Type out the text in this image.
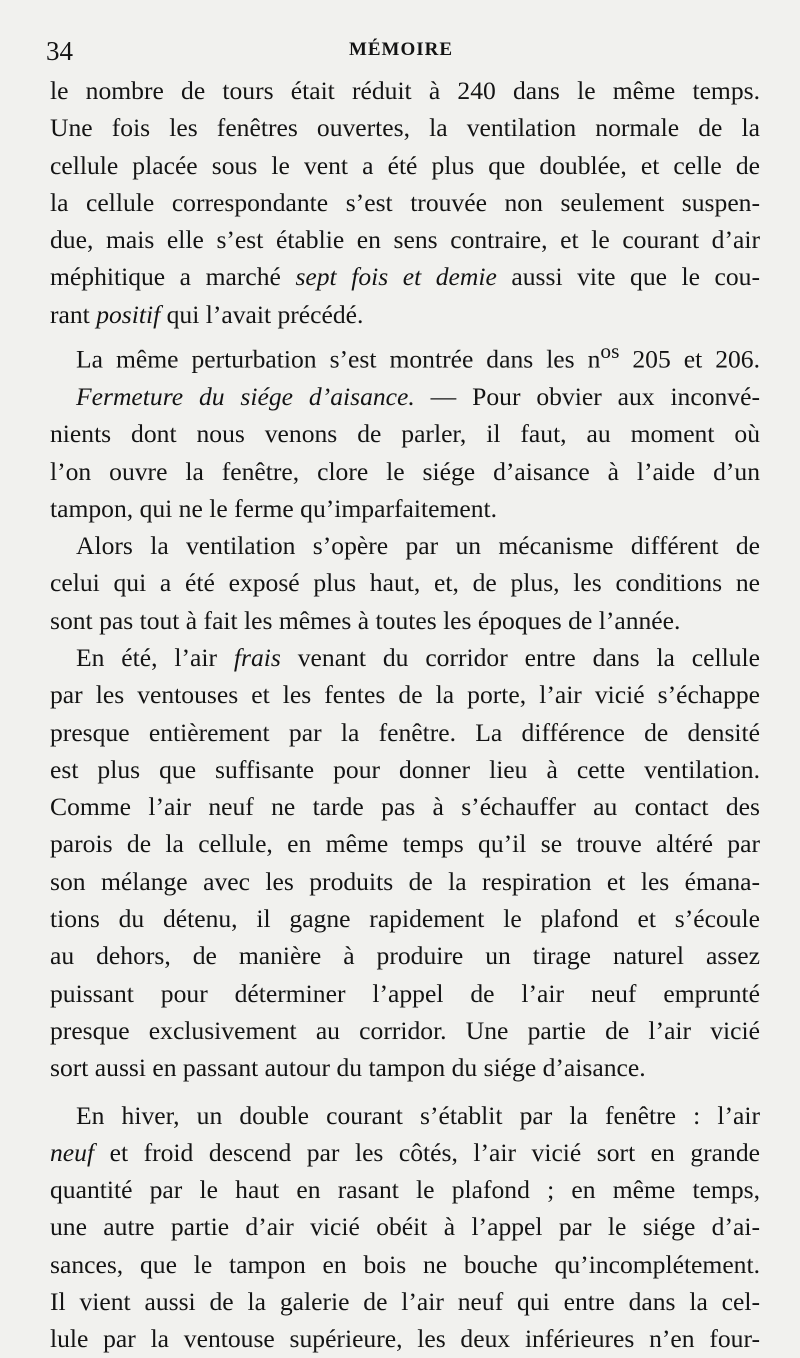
34	MÉMOIRE
le nombre de tours était réduit à 240 dans le même temps.
Une fois les fenêtres ouvertes, la ventilation normale de la
cellule placée sous le vent a été plus que doublée, et celle de
la cellule correspondante s’est trouvée non seulement suspen-
due, mais elle s’est établie en sens contraire, et le courant d’air
méphitique a marché sept fois et demie aussi vite que le cou-
rant positif qui l’avait précédé.
La même perturbation s’est montrée dans les $n^{os}$ 205 et 206.
Fermeture du siége d’aisance. — Pour obvier aux inconvé-
nients dont nous venons de parler, il faut, au moment où
l’on ouvre la fenêtre, clore le siége d’aisance à l’aide d’un
tampon, qui ne le ferme qu’imparfaitement.
Alors la ventilation s’opère par un mécanisme différent de
celui qui a été exposé plus haut, et, de plus, les conditions ne
sont pas tout à fait les mêmes à toutes les époques de l’année.
En été, l’air frais venant du corridor entre dans la cellule
par les ventouses et les fentes de la porte, l’air vicié s’échappe
presque entièrement par la fenêtre. La différence de densité
est plus que suffisante pour donner lieu à cette ventilation.
Comme l’air neuf ne tarde pas à s’échauffer au contact des
parois de la cellule, en même temps qu’il se trouve altéré par
son mélange avec les produits de la respiration et les émana-
tions du détenu, il gagne rapidement le plafond et s’écoule
au dehors, de manière à produire un tirage naturel assez
puissant pour déterminer l’appel de l’air neuf emprunté
presque exclusivement au corridor. Une partie de l’air vicié
sort aussi en passant autour du tampon du siége d’aisance.
En hiver, un double courant s’établit par la fenêtre : l’air
neuf et froid descend par les côtés, l’air vicié sort en grande
quantité par le haut en rasant le plafond ; en même temps,
une autre partie d’air vicié obéit à l’appel par le siége d’ai-
sances, que le tampon en bois ne bouche qu’incomplétement.
Il vient aussi de la galerie de l’air neuf qui entre dans la cel-
lule par la ventouse supérieure, les deux inférieures n’en four-
